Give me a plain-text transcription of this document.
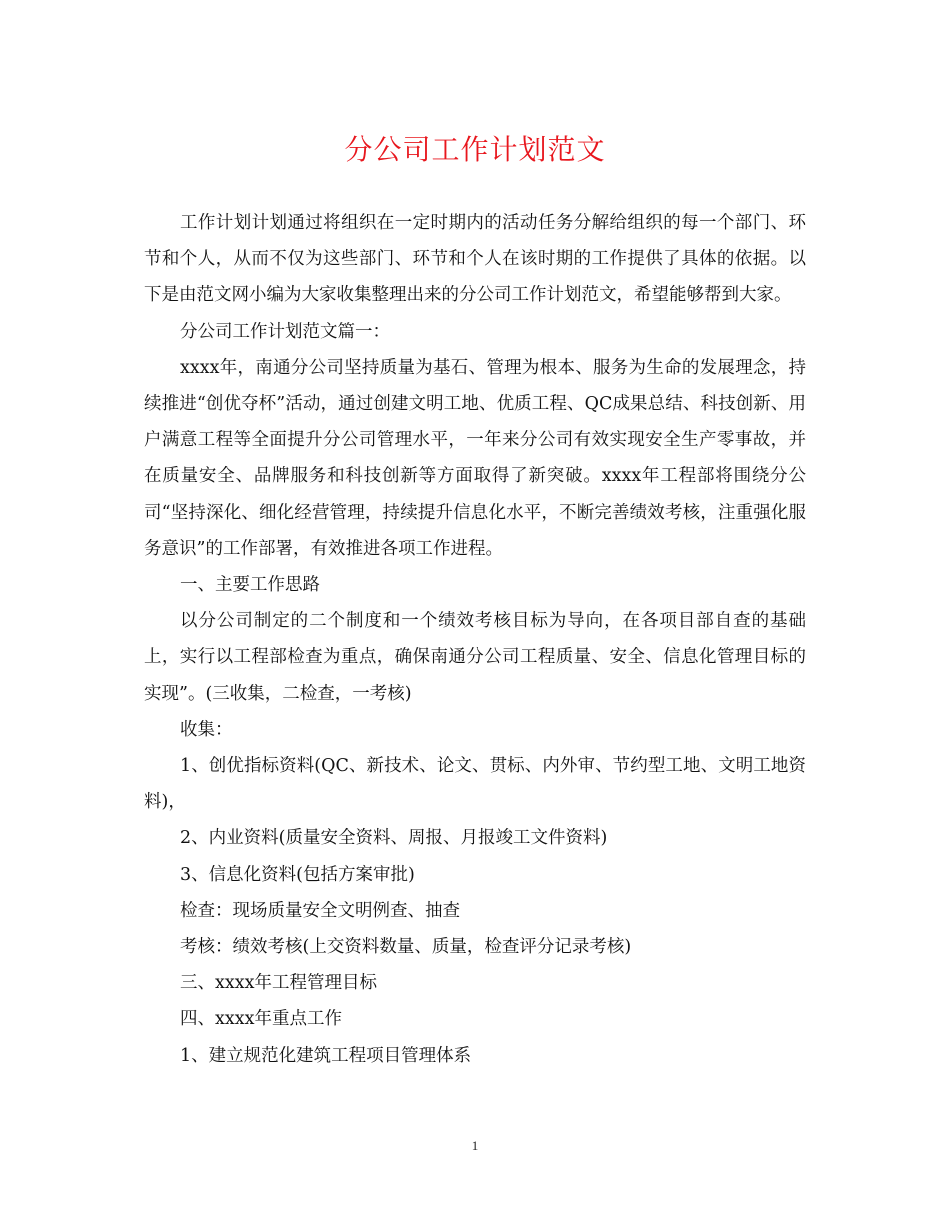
分公司工作计划范文

工作计划计划通过将组织在一定时期内的活动任务分解给组织的每一个部门、环节和个人，从而不仅为这些部门、环节和个人在该时期的工作提供了具体的依据。以下是由范文网小编为大家收集整理出来的分公司工作计划范文，希望能够帮到大家。

分公司工作计划范文篇一：

xxxx年，南通分公司坚持质量为基石、管理为根本、服务为生命的发展理念，持续推进“创优夺杯”活动，通过创建文明工地、优质工程、QC成果总结、科技创新、用户满意工程等全面提升分公司管理水平，一年来分公司有效实现安全生产零事故，并在质量安全、品牌服务和科技创新等方面取得了新突破。xxxx年工程部将围绕分公司“坚持深化、细化经营管理，持续提升信息化水平，不断完善绩效考核，注重强化服务意识”的工作部署，有效推进各项工作进程。

一、主要工作思路

以分公司制定的二个制度和一个绩效考核目标为导向，在各项目部自查的基础上，实行以工程部检查为重点，确保南通分公司工程质量、安全、信息化管理目标的实现”。(三收集，二检查，一考核)

收集：

1、创优指标资料(QC、新技术、论文、贯标、内外审、节约型工地、文明工地资料)，

2、内业资料(质量安全资料、周报、月报竣工文件资料)

3、信息化资料(包括方案审批)

检查：现场质量安全文明例查、抽查

考核：绩效考核(上交资料数量、质量，检查评分记录考核)

三、xxxx年工程管理目标

四、xxxx年重点工作

1、建立规范化建筑工程项目管理体系

1
